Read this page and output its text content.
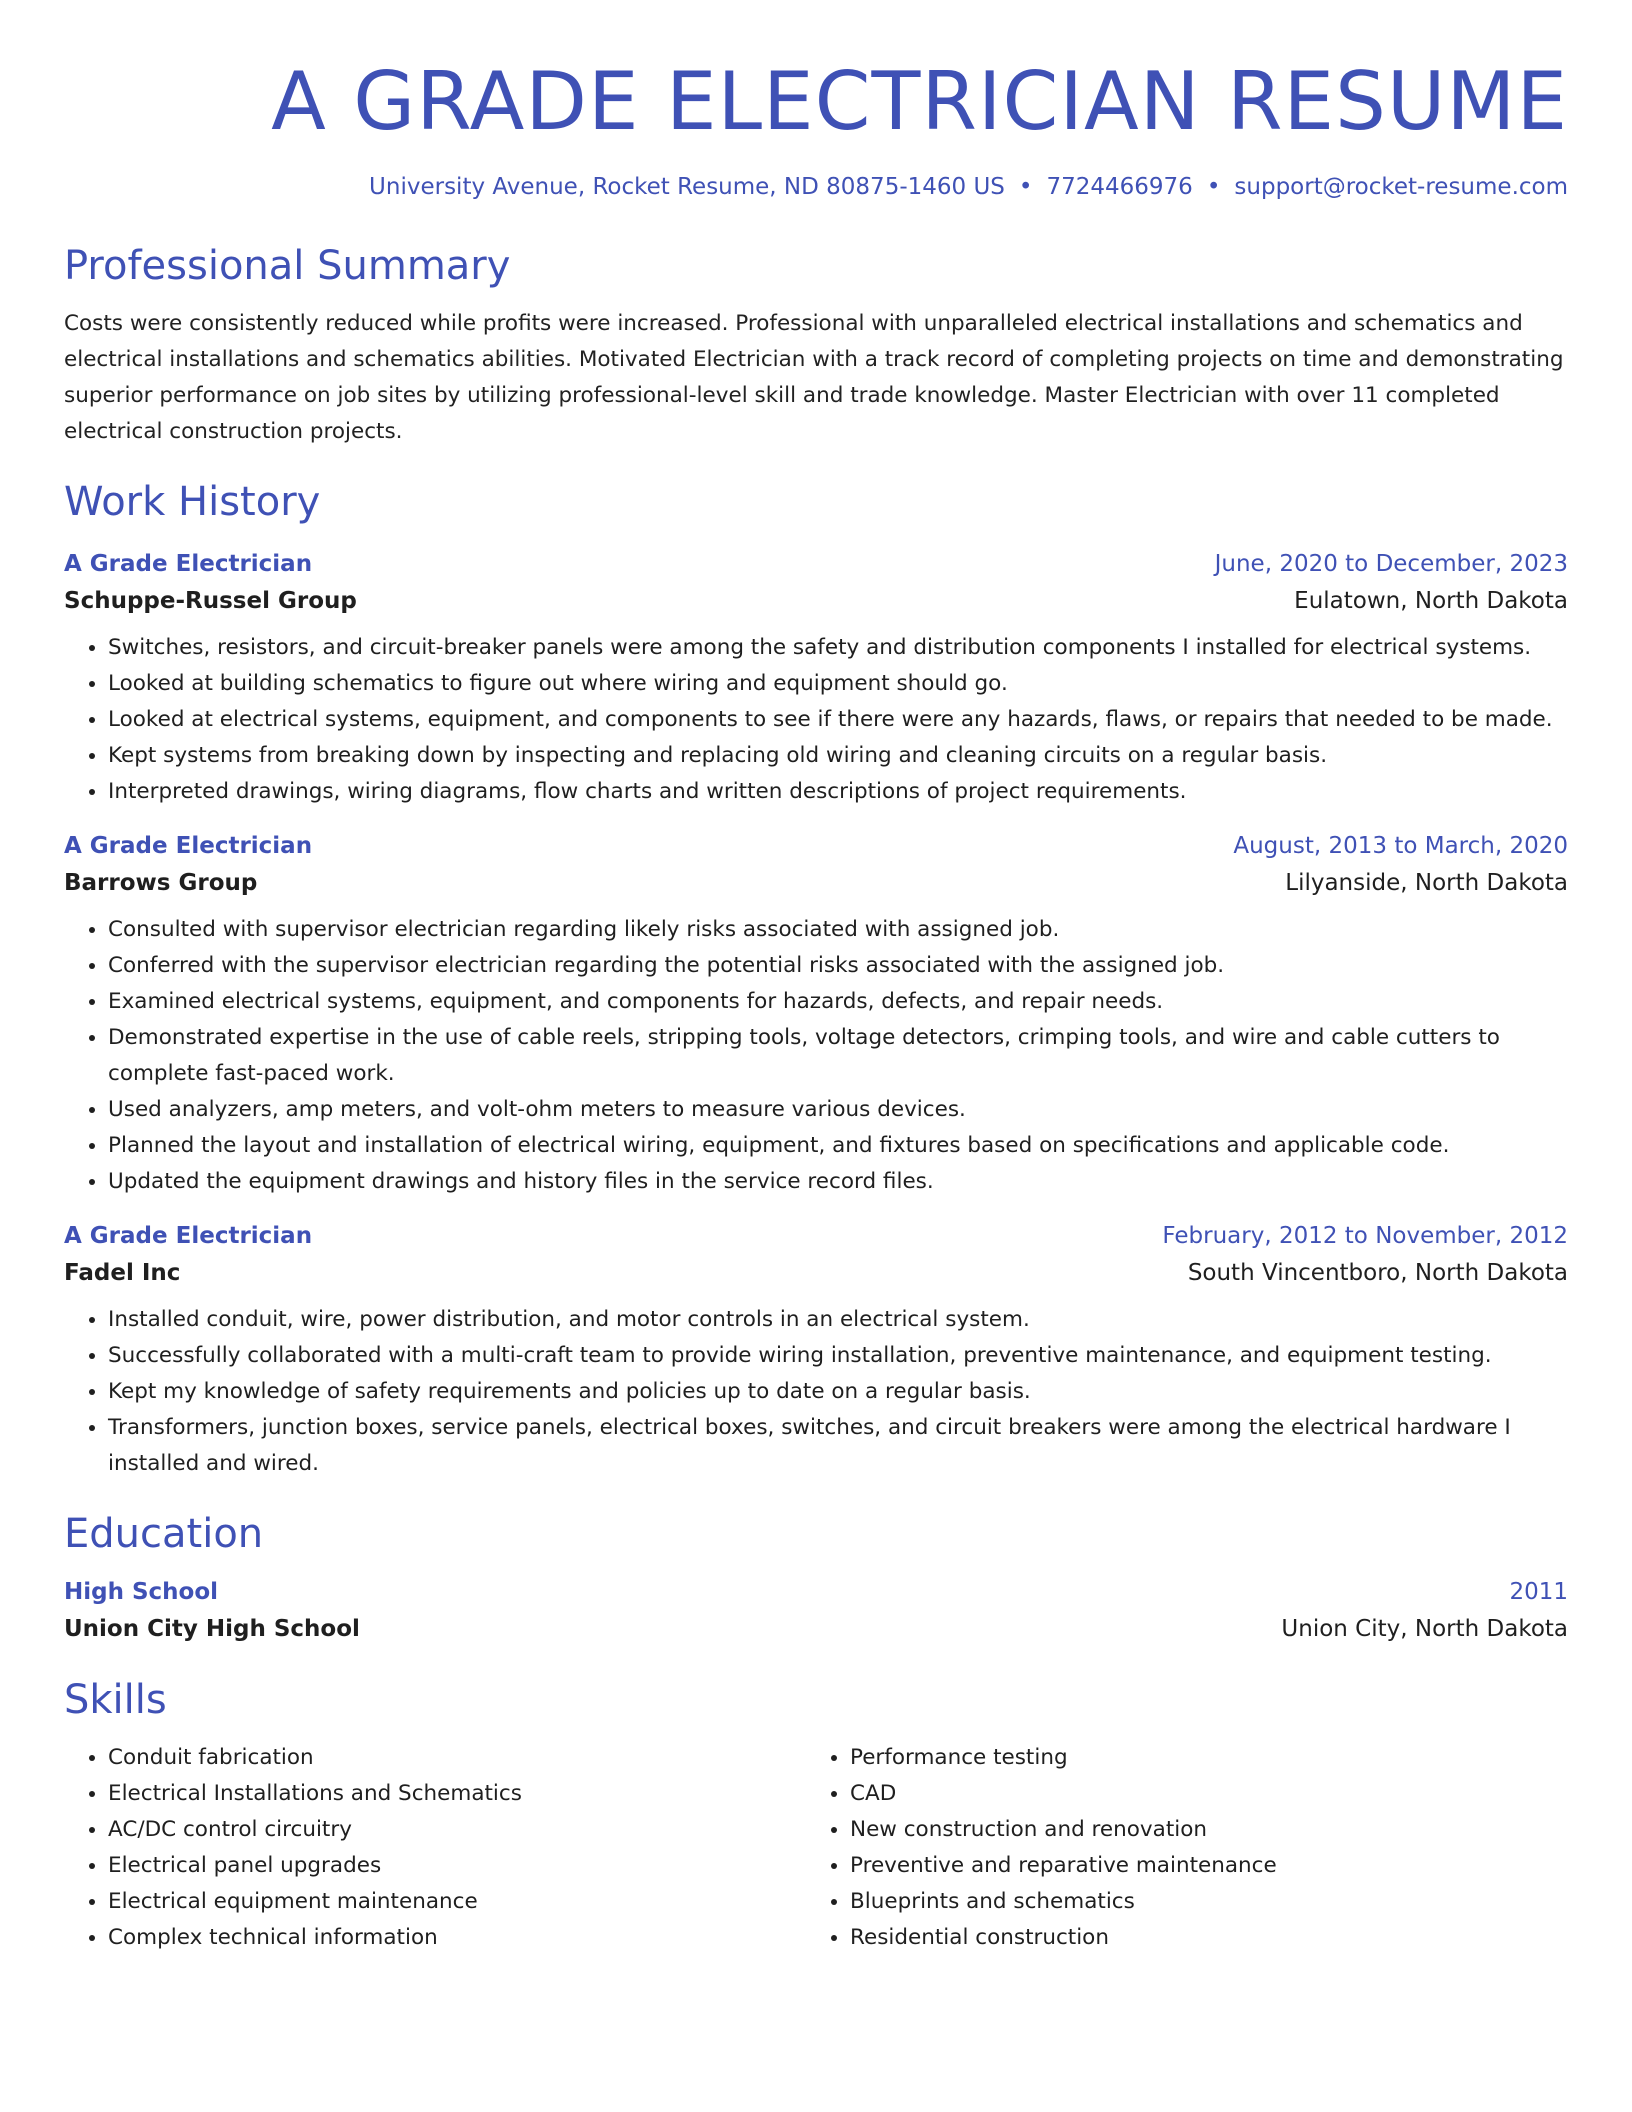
A GRADE ELECTRICIAN RESUME
University Avenue, Rocket Resume, ND 80875-1460 US • 7724466976 • support@rocket-resume.com
Professional Summary
Costs were consistently reduced while profits were increased. Professional with unparalleled electrical installations and schematics and electrical installations and schematics abilities. Motivated Electrician with a track record of completing projects on time and demonstrating superior performance on job sites by utilizing professional-level skill and trade knowledge. Master Electrician with over 11 completed electrical construction projects.
Work History
A Grade Electrician	June, 2020 to December, 2023
Schuppe-Russel Group	Eulatown, North Dakota
• Switches, resistors, and circuit-breaker panels were among the safety and distribution components I installed for electrical systems.
• Looked at building schematics to figure out where wiring and equipment should go.
• Looked at electrical systems, equipment, and components to see if there were any hazards, flaws, or repairs that needed to be made.
• Kept systems from breaking down by inspecting and replacing old wiring and cleaning circuits on a regular basis.
• Interpreted drawings, wiring diagrams, flow charts and written descriptions of project requirements.
A Grade Electrician	August, 2013 to March, 2020
Barrows Group	Lilyanside, North Dakota
• Consulted with supervisor electrician regarding likely risks associated with assigned job.
• Conferred with the supervisor electrician regarding the potential risks associated with the assigned job.
• Examined electrical systems, equipment, and components for hazards, defects, and repair needs.
• Demonstrated expertise in the use of cable reels, stripping tools, voltage detectors, crimping tools, and wire and cable cutters to complete fast-paced work.
• Used analyzers, amp meters, and volt-ohm meters to measure various devices.
• Planned the layout and installation of electrical wiring, equipment, and fixtures based on specifications and applicable code.
• Updated the equipment drawings and history files in the service record files.
A Grade Electrician	February, 2012 to November, 2012
Fadel Inc	South Vincentboro, North Dakota
• Installed conduit, wire, power distribution, and motor controls in an electrical system.
• Successfully collaborated with a multi-craft team to provide wiring installation, preventive maintenance, and equipment testing.
• Kept my knowledge of safety requirements and policies up to date on a regular basis.
• Transformers, junction boxes, service panels, electrical boxes, switches, and circuit breakers were among the electrical hardware I installed and wired.
Education
High School	2011
Union City High School	Union City, North Dakota
Skills
• Conduit fabrication
• Electrical Installations and Schematics
• AC/DC control circuitry
• Electrical panel upgrades
• Electrical equipment maintenance
• Complex technical information
• Performance testing
• CAD
• New construction and renovation
• Preventive and reparative maintenance
• Blueprints and schematics
• Residential construction
